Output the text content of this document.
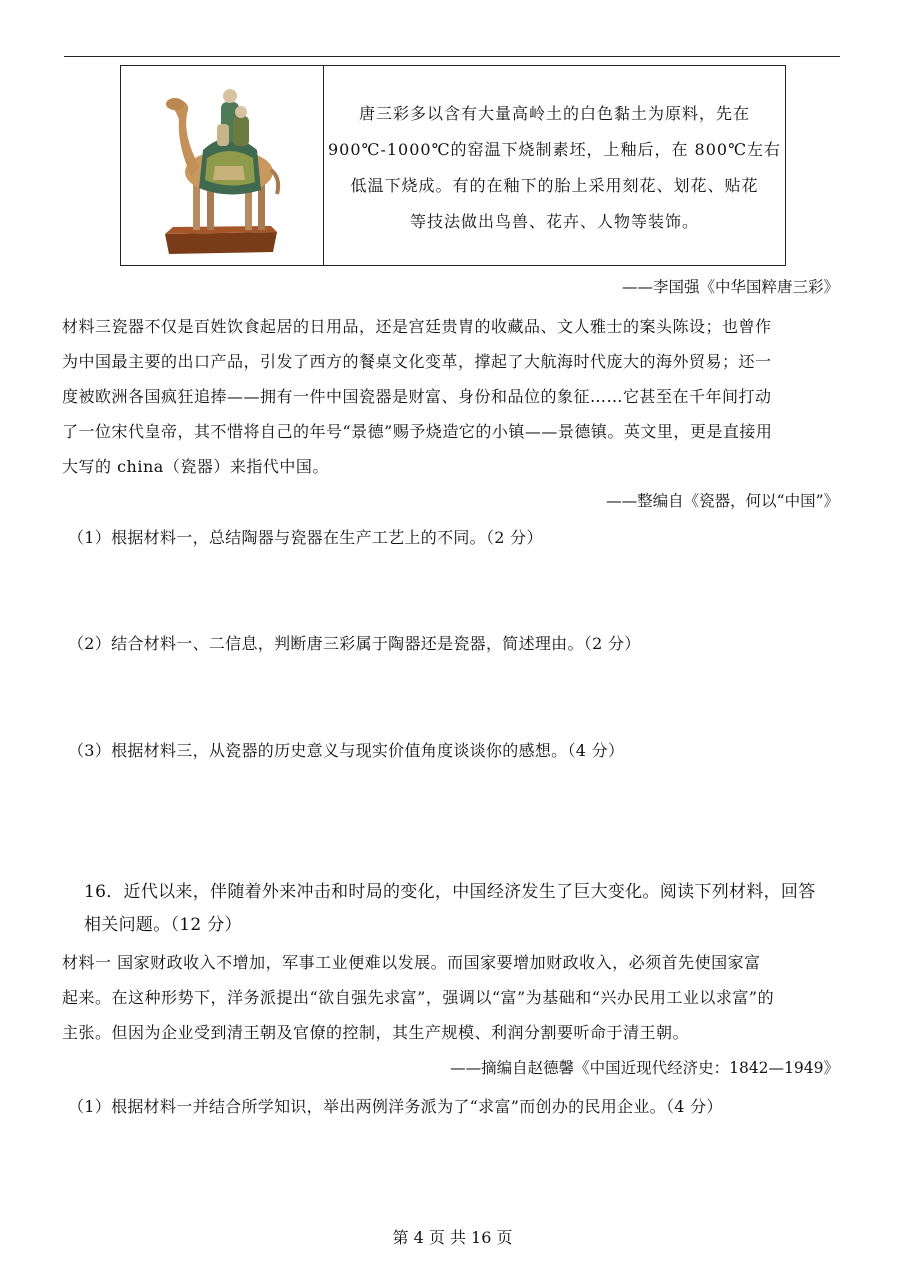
唐三彩多以含有大量高岭土的白色黏土为原料，先在
900℃-1000℃的窑温下烧制素坯，上釉后，在 800℃左右
低温下烧成。有的在釉下的胎上采用刻花、划花、贴花
等技法做出鸟兽、花卉、人物等装饰。
——李国强《中华国粹唐三彩》
材料三瓷器不仅是百姓饮食起居的日用品，还是宫廷贵胄的收藏品、文人雅士的案头陈设；也曾作
为中国最主要的出口产品，引发了西方的餐桌文化变革，撑起了大航海时代庞大的海外贸易；还一
度被欧洲各国疯狂追捧——拥有一件中国瓷器是财富、身份和品位的象征……它甚至在千年间打动
了一位宋代皇帝，其不惜将自己的年号“景德”赐予烧造它的小镇——景德镇。英文里，更是直接用
大写的 china（瓷器）来指代中国。
——整编自《瓷器，何以“中国”》
（1）根据材料一，总结陶器与瓷器在生产工艺上的不同。（2 分）
（2）结合材料一、二信息，判断唐三彩属于陶器还是瓷器，简述理由。（2 分）
（3）根据材料三，从瓷器的历史意义与现实价值角度谈谈你的感想。（4 分）
16．近代以来，伴随着外来冲击和时局的变化，中国经济发生了巨大变化。阅读下列材料，回答
相关问题。（12 分）
材料一 国家财政收入不增加，军事工业便难以发展。而国家要增加财政收入，必须首先使国家富
起来。在这种形势下，洋务派提出“欲自强先求富”，强调以“富”为基础和“兴办民用工业以求富”的
主张。但因为企业受到清王朝及官僚的控制，其生产规模、利润分割要听命于清王朝。
——摘编自赵德馨《中国近现代经济史：1842—1949》
（1）根据材料一并结合所学知识，举出两例洋务派为了“求富”而创办的民用企业。（4 分）
第 4 页 共 16 页
